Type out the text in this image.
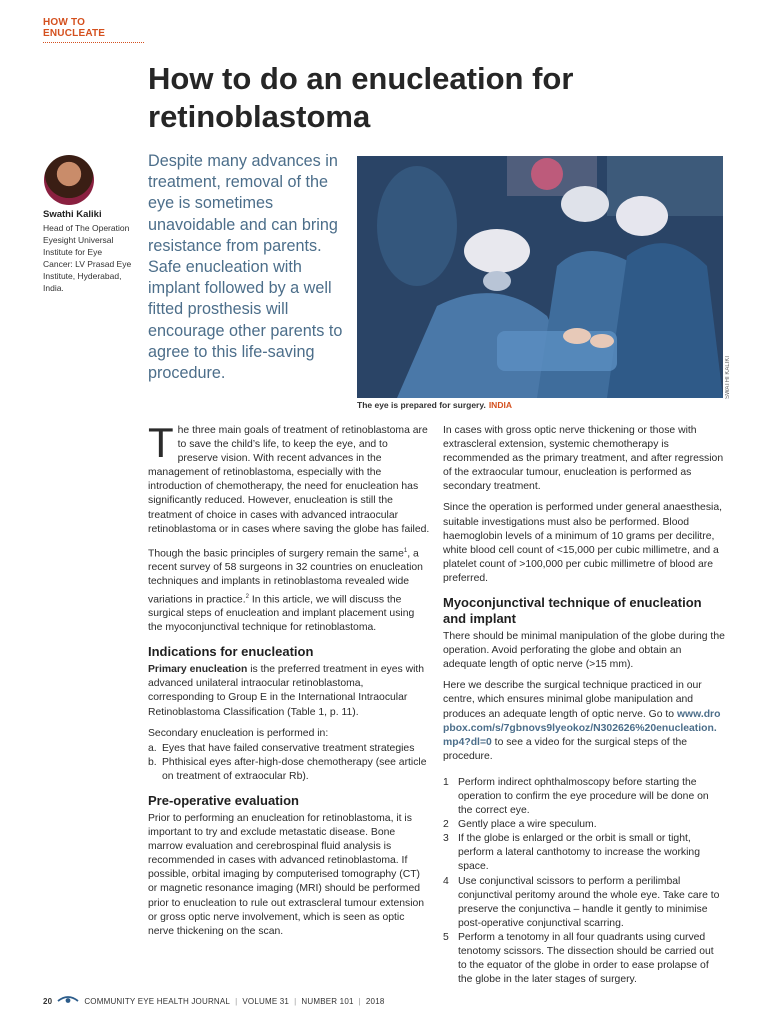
HOW TO ENUCLEATE
How to do an enucleation for retinoblastoma
Swathi Kaliki
Head of The Operation Eyesight Universal Institute for Eye Cancer: LV Prasad Eye Institute, Hyderabad, India.

Despite many advances in treatment, removal of the eye is sometimes unavoidable and can bring resistance from parents. Safe enucleation with implant followed by a well fitted prosthesis will encourage other parents to agree to this life-saving procedure.	SWATHI KALIKI
The eye is prepared for surgery. INDIA

The three main goals of treatment of retinoblastoma are to save the child’s life, to keep the eye, and to preserve vision. With recent advances in the management of retinoblastoma, especially with the introduction of chemotherapy, the need for enucleation has significantly reduced. However, enucleation is still the treatment of choice in cases with advanced intraocular retinoblastoma or in cases where saving the globe has failed.

Though the basic principles of surgery remain the same$^1$, a recent survey of 58 surgeons in 32 countries on enucleation techniques and implants in retinoblastoma revealed wide variations in practice.$^2$ In this article, we will discuss the surgical steps of enucleation and implant placement using the myoconjunctival technique for retinoblastoma.

Indications for enucleation

Primary enucleation is the preferred treatment in eyes with advanced unilateral intraocular retinoblastoma, corresponding to Group E in the International Intraocular Retinoblastoma Classification (Table 1, p. 11).

Secondary enucleation is performed in:

a. Eyes that have failed conservative treatment strategies
b. Phthisical eyes after-high-dose chemotherapy (see article on treatment of extraocular Rb).
Pre-operative evaluation

Prior to performing an enucleation for retinoblastoma, it is important to try and exclude metastatic disease. Bone marrow evaluation and cerebrospinal fluid analysis is recommended in cases with advanced retinoblastoma. If possible, orbital imaging by computerised tomography (CT) or magnetic resonance imaging (MRI) should be performed prior to enucleation to rule out extrascleral tumour extension or gross optic nerve involvement, which is seen as optic nerve thickening on the scan.

In cases with gross optic nerve thickening or those with extrascleral extension, systemic chemotherapy is recommended as the primary treatment, and after regression of the extraocular tumour, enucleation is performed as secondary treatment.

Since the operation is performed under general anaesthesia, suitable investigations must also be performed. Blood haemoglobin levels of a minimum of 10 grams per decilitre, white blood cell count of <15,000 per cubic millimetre, and a platelet count of >100,000 per cubic millimetre of blood are preferred.

Myoconjunctival technique of enucleation and implant

There should be minimal manipulation of the globe during the operation. Avoid perforating the globe and obtain an adequate length of optic nerve (>15 mm).

Here we describe the surgical technique practiced in our centre, which ensures minimal globe manipulation and produces an adequate length of optic nerve. Go to www.dropbox.com/s/7gbnovs9lyeokoz/N302626%20enucleation.mp4?dl=0 to see a video for the surgical steps of the procedure.

1 Perform indirect ophthalmoscopy before starting the operation to confirm the eye procedure will be done on the correct eye.
2 Gently place a wire speculum.
3 If the globe is enlarged or the orbit is small or tight, perform a lateral canthotomy to increase the working space.
4 Use conjunctival scissors to perform a perilimbal conjunctival peritomy around the whole eye. Take care to preserve the conjunctiva – handle it gently to minimise post-operative conjunctival scarring.
5 Perform a tenotomy in all four quadrants using curved tenotomy scissors. The dissection should be carried out to the equator of the globe in order to ease prolapse of the globe in the later stages of surgery.
20	COMMUNITY EYE HEALTH JOURNAL | VOLUME 31 | NUMBER 101 | 2018
